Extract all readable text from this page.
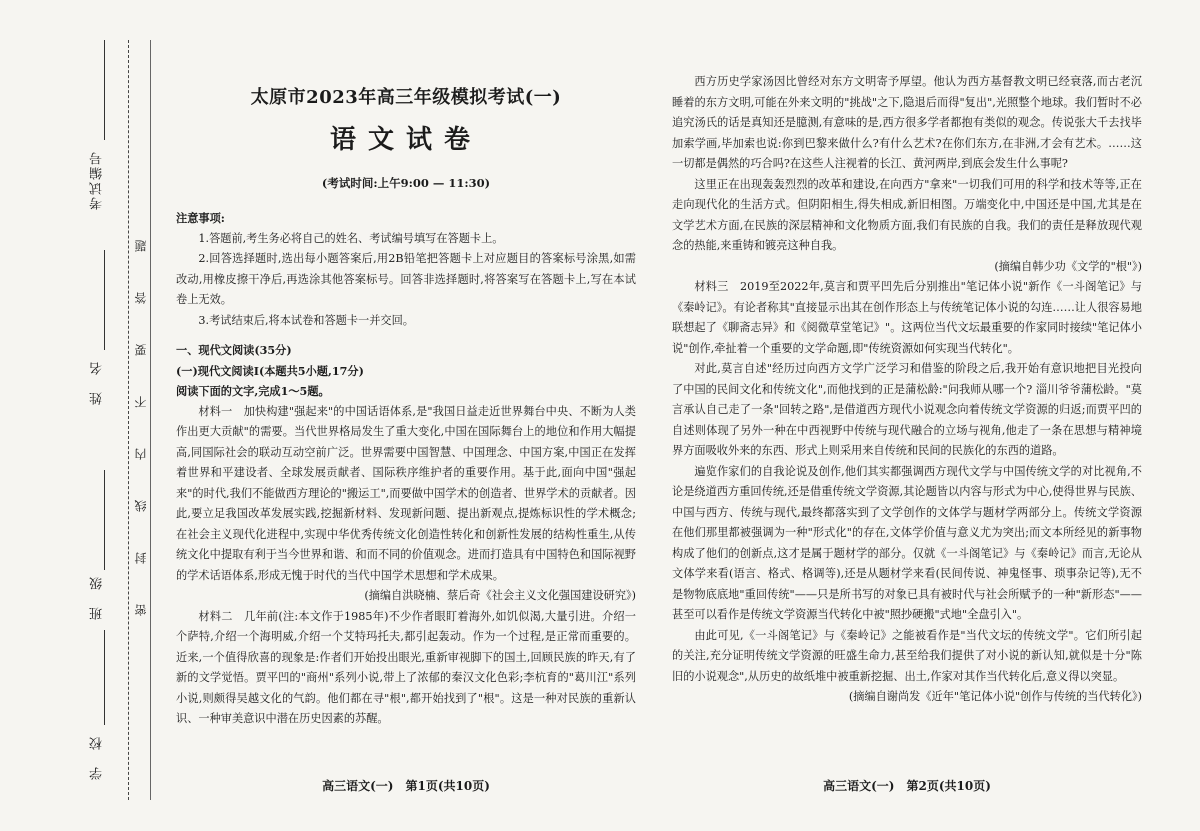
考试编号
姓　名
班　级
学　校
题
答
要
不
内
线
封
密
太原市2023年高三年级模拟考试(一)
语文试卷
(考试时间:上午9:00 — 11:30)

注意事项:

1.答题前,考生务必将自己的姓名、考试编号填写在答题卡上。

2.回答选择题时,选出每小题答案后,用2B铅笔把答题卡上对应题目的答案标号涂黑,如需改动,用橡皮擦干净后,再选涂其他答案标号。回答非选择题时,将答案写在答题卡上,写在本试卷上无效。

3.考试结束后,将本试卷和答题卡一并交回。

一、现代文阅读(35分)

(一)现代文阅读Ⅰ(本题共5小题,17分)

阅读下面的文字,完成1～5题。

材料一　加快构建"强起来"的中国话语体系,是"我国日益走近世界舞台中央、不断为人类作出更大贡献"的需要。当代世界格局发生了重大变化,中国在国际舞台上的地位和作用大幅提高,同国际社会的联动互动空前广泛。世界需要中国智慧、中国理念、中国方案,中国正在发挥着世界和平建设者、全球发展贡献者、国际秩序维护者的重要作用。基于此,面向中国"强起来"的时代,我们不能做西方理论的"搬运工",而要做中国学术的创造者、世界学术的贡献者。因此,要立足我国改革发展实践,挖掘新材料、发现新问题、提出新观点,提炼标识性的学术概念;在社会主义现代化进程中,实现中华优秀传统文化创造性转化和创新性发展的结构性重生,从传统文化中提取有利于当今世界和谐、和而不同的价值观念。进而打造具有中国特色和国际视野的学术话语体系,形成无愧于时代的当代中国学术思想和学术成果。

(摘编自洪晓楠、蔡后奇《社会主义文化强国建设研究》)

材料二　几年前(注:本文作于1985年)不少作者眼盯着海外,如饥似渴,大量引进。介绍一个萨特,介绍一个海明威,介绍一个艾特玛托夫,都引起轰动。作为一个过程,是正常而重要的。近来,一个值得欣喜的现象是:作者们开始投出眼光,重新审视脚下的国土,回顾民族的昨天,有了新的文学觉悟。贾平凹的"商州"系列小说,带上了浓郁的秦汉文化色彩;李杭育的"葛川江"系列小说,则颇得吴越文化的气韵。他们都在寻"根",都开始找到了"根"。这是一种对民族的重新认识、一种审美意识中潜在历史因素的苏醒。

高三语文(一)　第1页(共10页)

西方历史学家汤因比曾经对东方文明寄予厚望。他认为西方基督教文明已经衰落,而古老沉睡着的东方文明,可能在外来文明的"挑战"之下,隐退后而得"复出",光照整个地球。我们暂时不必追究汤氏的话是真知还是臆测,有意味的是,西方很多学者都抱有类似的观念。传说张大千去找毕加索学画,毕加索也说:你到巴黎来做什么?有什么艺术?在你们东方,在非洲,才会有艺术。……这一切都是偶然的巧合吗?在这些人注视着的长江、黄河两岸,到底会发生什么事呢?

这里正在出现轰轰烈烈的改革和建设,在向西方"拿来"一切我们可用的科学和技术等等,正在走向现代化的生活方式。但阴阳相生,得失相成,新旧相图。万端变化中,中国还是中国,尤其是在文学艺术方面,在民族的深层精神和文化物质方面,我们有民族的自我。我们的责任是释放现代观念的热能,来重铸和镀亮这种自我。

(摘编自韩少功《文学的"根"》)

材料三　2019至2022年,莫言和贾平凹先后分别推出"笔记体小说"新作《一斗阁笔记》与《秦岭记》。有论者称其"直接显示出其在创作形态上与传统笔记体小说的勾连……让人很容易地联想起了《聊斋志异》和《阅微草堂笔记》"。这两位当代文坛最重要的作家同时接续"笔记体小说"创作,牵扯着一个重要的文学命题,即"传统资源如何实现当代转化"。

对此,莫言自述"经历过向西方文学广泛学习和借鉴的阶段之后,我开始有意识地把目光投向了中国的民间文化和传统文化",而他找到的正是蒲松龄:"问我师从哪一个? 淄川爷爷蒲松龄。"莫言承认自己走了一条"回转之路",是借道西方现代小说观念向着传统文学资源的归返;而贾平凹的自述则体现了另外一种在中西视野中传统与现代融合的立场与视角,他走了一条在思想与精神境界方面吸收外来的东西、形式上则采用来自传统和民间的民族化的东西的道路。

遍览作家们的自我论说及创作,他们其实都强调西方现代文学与中国传统文学的对比视角,不论是绕道西方重回传统,还是借重传统文学资源,其论题皆以内容与形式为中心,使得世界与民族、中国与西方、传统与现代,最终都落实到了文学创作的文体学与题材学两部分上。传统文学资源在他们那里都被强调为一种"形式化"的存在,文体学价值与意义尤为突出;而文本所经见的新事物构成了他们的创新点,这才是属于题材学的部分。仅就《一斗阁笔记》与《秦岭记》而言,无论从文体学来看(语言、格式、格调等),还是从题材学来看(民间传说、神鬼怪事、琐事杂记等),无不是物物底底地"重回传统"——只是所书写的对象已具有被时代与社会所赋予的一种"新形态"——甚至可以看作是传统文学资源当代转化中被"照抄硬搬"式地"全盘引入"。

由此可见,《一斗阁笔记》与《秦岭记》之能被看作是"当代文坛的传统文学"。它们所引起的关注,充分证明传统文学资源的旺盛生命力,甚至给我们提供了对小说的新认知,就似是十分"陈旧的小说观念",从历史的故纸堆中被重新挖掘、出土,作家对其作当代转化后,意义得以突显。

(摘编自谢尚发《近年"笔记体小说"创作与传统的当代转化》)

高三语文(一)　第2页(共10页)
